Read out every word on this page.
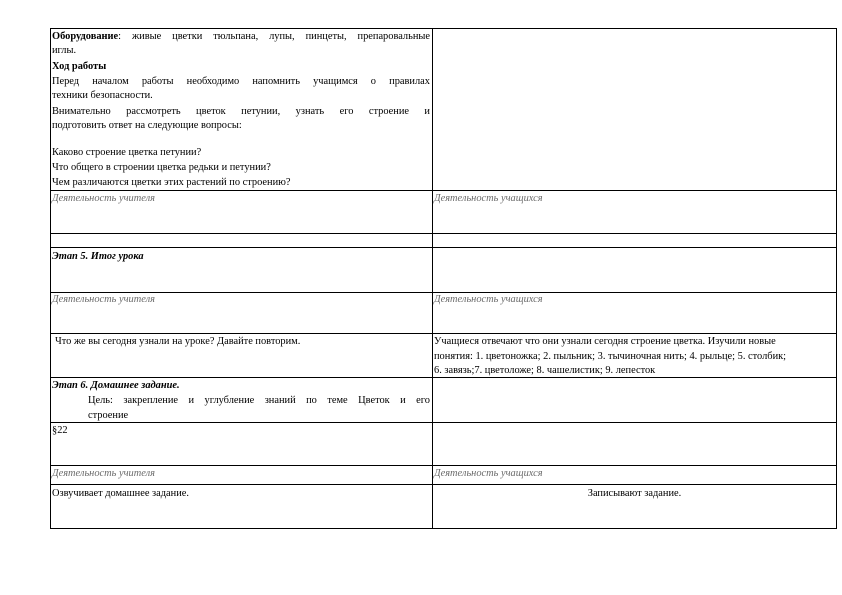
Оборудование: живые цветки тюльпана, лупы, пинцеты, препаровальные
иглы.
Ход работы
Перед началом работы необходимо напомнить учащимся о правилах
техники безопасности.
Внимательно рассмотреть цветок петунии, узнать его строение и
подготовить ответ на следующие вопросы:
Каково строение цветка петунии?
Что общего в строении цветка редьки и петунии?
Чем различаются цветки этих растений по строению?
Деятельность учителя	Деятельность учащихся
Этап 5. Итог урока
Деятельность учителя	Деятельность учащихся
Что же вы сегодня узнали на уроке? Давайте повторим.	Учащиеся отвечают что они узнали сегодня строение цветка. Изучили новые
понятия: 1. цветоножка; 2. пыльник; 3. тычиночная нить; 4. рыльце; 5. столбик;
6. завязь;7. цветоложе; 8. чашелистик; 9. лепесток
Этап 6. Домашнее задание.
Цель: закрепление и углубление знаний по теме Цветок и его
строение
§22
Деятельность учителя	Деятельность учащихся
Озвучивает домашнее задание.	Записывают задание.
